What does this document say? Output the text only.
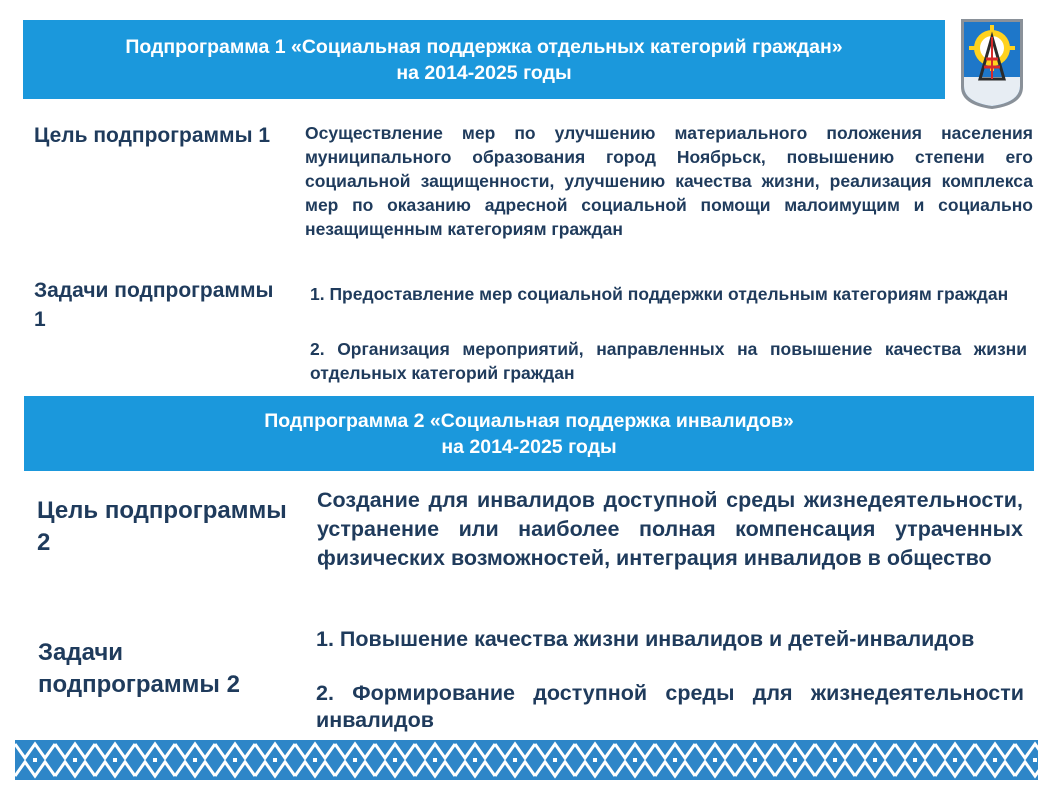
Подпрограмма 1 «Социальная поддержка отдельных категорий граждан»
на 2014-2025 годы
Цель подпрограммы 1	Осуществление мер по улучшению материального положения населения муниципального образования город Ноябрьск, повышению степени его социальной защищенности, улучшению качества жизни, реализация комплекса мер по оказанию адресной социальной помощи малоимущим и социально незащищенным категориям граждан
Задачи подпрограммы 1
1. Предоставление мер социальной поддержки отдельным категориям граждан
2. Организация мероприятий, направленных на повышение качества жизни отдельных категорий граждан
Подпрограмма 2 «Социальная поддержка инвалидов»
на 2014-2025 годы
Цель подпрограммы 2
Создание для инвалидов доступной среды жизнедеятельности, устранение или наиболее полная компенсация утраченных физических возможностей, интеграция инвалидов в общество
Задачи подпрограммы 2
1. Повышение качества жизни инвалидов и детей-инвалидов
2. Формирование доступной среды для жизнедеятельности инвалидов
